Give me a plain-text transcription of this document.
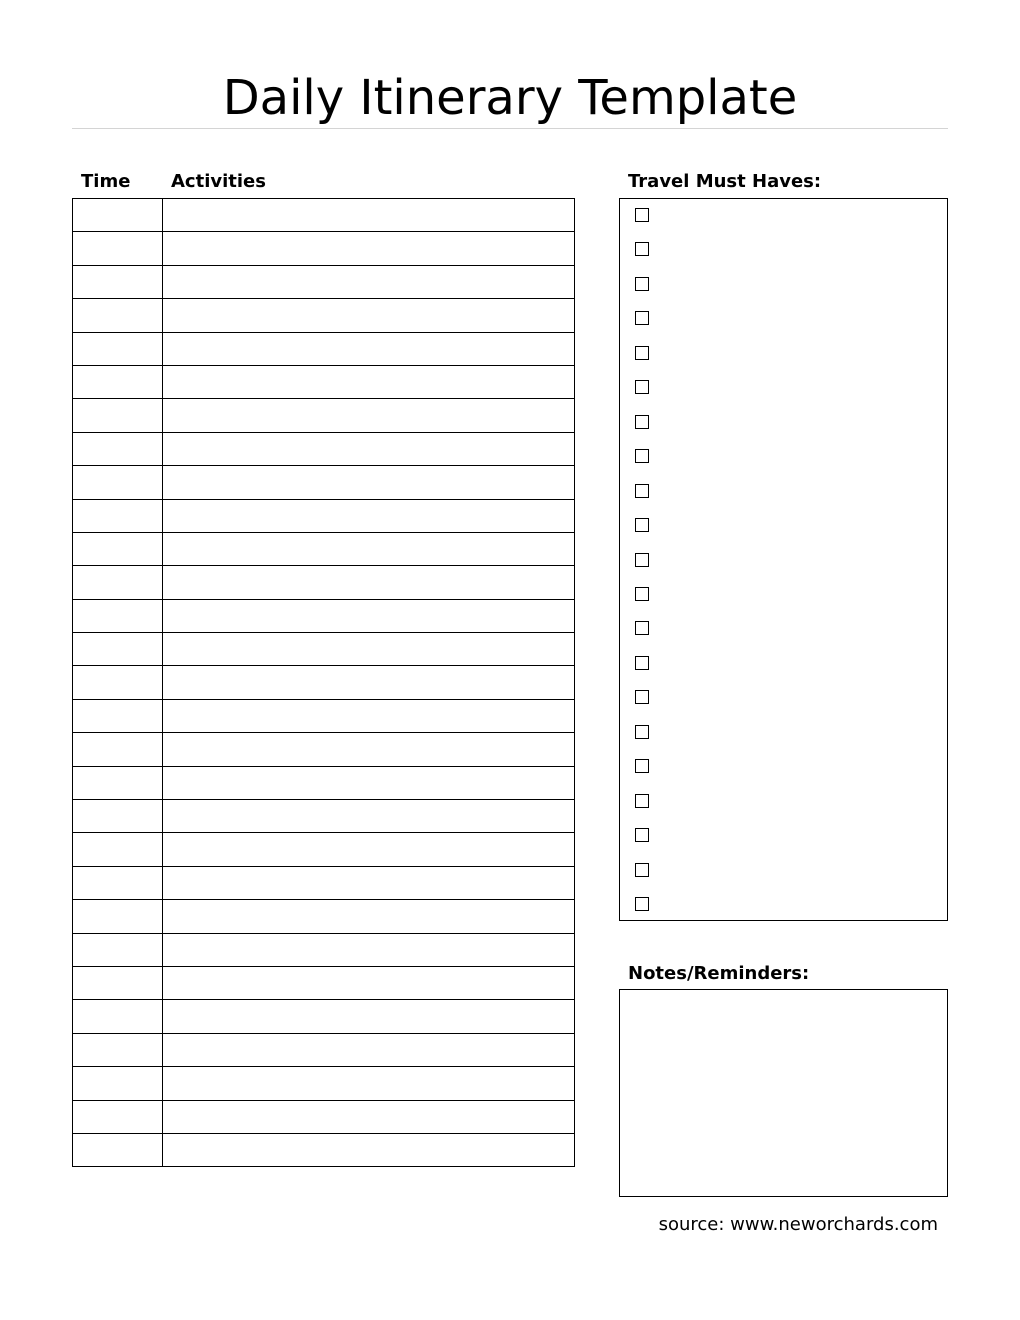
Daily Itinerary Template
Time Activities

		Travel Must Haves:
Notes/Reminders:
source: www.neworchards.com
